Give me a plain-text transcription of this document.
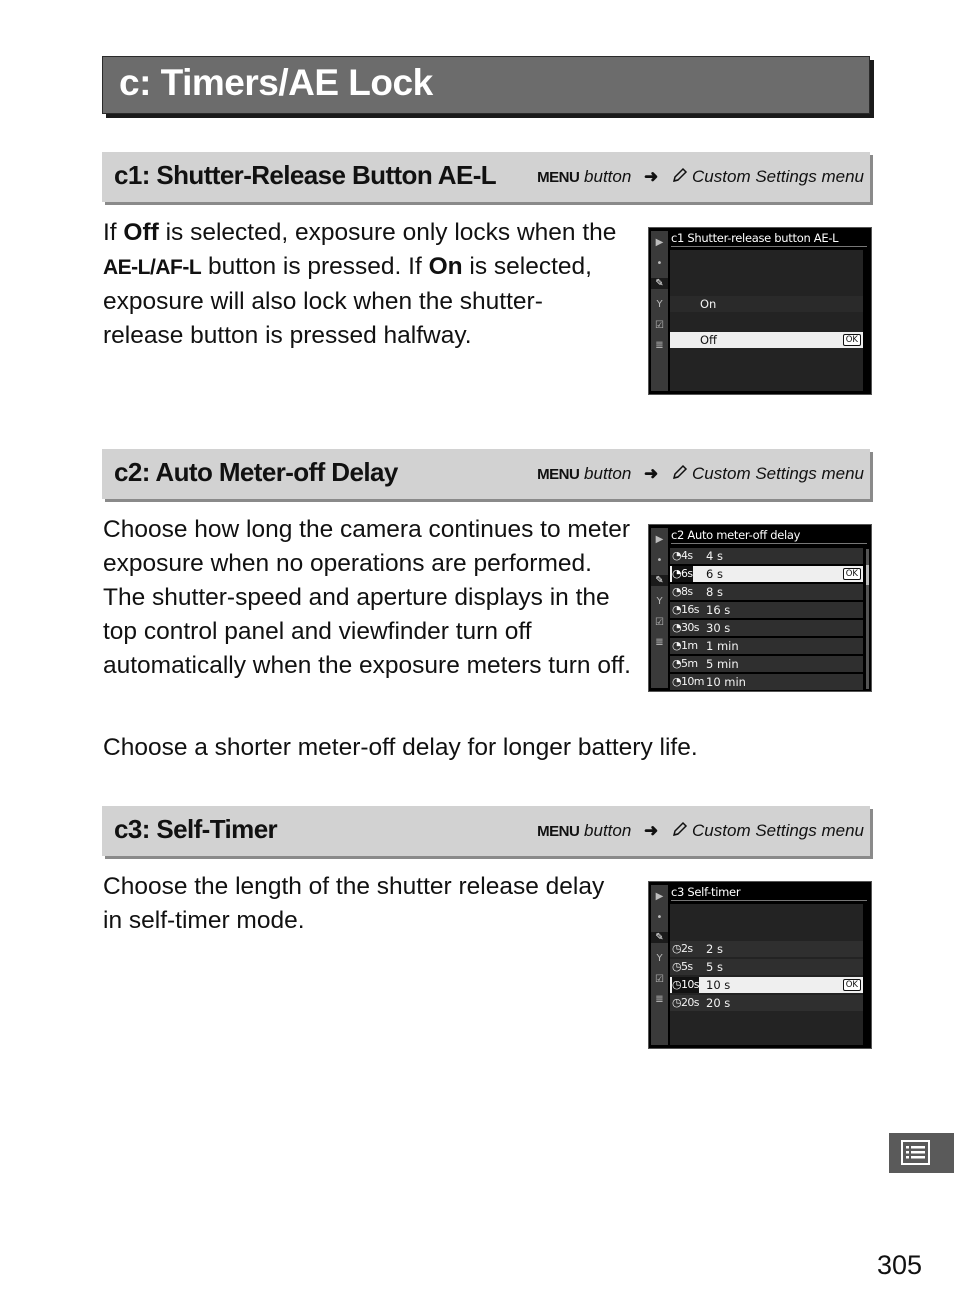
c: Timers/AE Lock
c1: Shutter-Release Button AE-L	MENU button ➜ Custom Settings menu

If Off is selected, exposure only locks when the AE-L/AF-L button is pressed. If On is selected, exposure will also lock when the shutter-release button is pressed halfway.

▶
•
✎
Y
☑
≣
c1 Shutter-release button AE-L
On
Off	OK
c2: Auto Meter-off Delay	MENU button ➜ Custom Settings menu

Choose how long the camera continues to meter exposure when no operations are performed. The shutter-speed and aperture displays in the top control panel and viewfinder turn off automatically when the exposure meters turn off.

Choose a shorter meter-off delay for longer battery life.

▶
•
✎
Y
☑
≣
c2 Auto meter-off delay
◔4s 4 s
◔6s 6 s	OK
◔8s 8 s
◔16s 16 s
◔30s 30 s
◔1m 1 min
◔5m 5 min
◔10m 10 min
c3: Self-Timer	MENU button ➜ Custom Settings menu

Choose the length of the shutter release delay in self-timer mode.

▶
•
✎
Y
☑
≣
c3 Self-timer
◷2s 2 s
◷5s 5 s
◷10s 10 s	OK
◷20s 20 s
305
